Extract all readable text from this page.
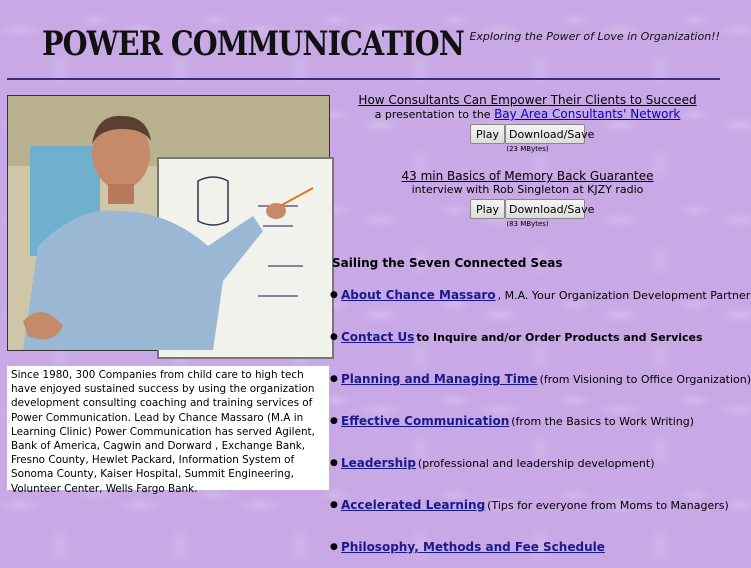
POWER COMMUNICATION Exploring the Power of Love in Organization!!
Since 1980, 300 Companies from child care to high tech have enjoyed sustained success by using the organization development consulting coaching and training services of Power Communication. Lead by Chance Massaro (M.A in Learning Clinic) Power Communication has served Agilent, Bank of America, Cagwin and Dorward , Exchange Bank, Fresno County, Hewlet Packard, Information System of Sonoma County, Kaiser Hospital, Summit Engineering, Volunteer Center, Wells Fargo Bank.
How Consultants Can Empower Their Clients to Succeed
a presentation to the Bay Area Consultants' Network
Play Download/Save
(23 MBytes)
43 min Basics of Memory Back Guarantee
interview with Rob Singleton at KJZY radio
Play Download/Save
(83 MBytes)
Sailing the Seven Connected Seas
● About Chance Massaro , M.A. Your Organization Development Partner
● Contact Us to Inquire and/or Order Products and Services
● Planning and Managing Time (from Visioning to Office Organization)
● Effective Communication (from the Basics to Work Writing)
● Leadership (professional and leadership development)
● Accelerated Learning (Tips for everyone from Moms to Managers)
● Philosophy, Methods and Fee Schedule
